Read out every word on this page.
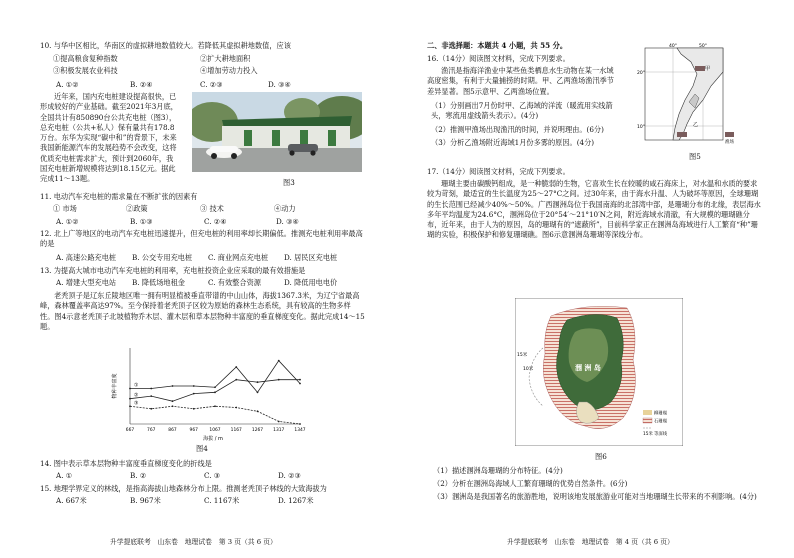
10. 与华中区相比，华南区的虚拟耕地数值较大。若降低其虚拟耕地数值，应该
①提高粮食复种指数	②扩大耕地面积
③积极发展农业科技	④增加劳动力投入
A. ①②	B. ②④	C. ②③	D. ③④
近年来，国内充电桩建设提高很快，已形成较好的产业基础。截至2021年3月底，全国共计有850890台公共充电桩（图3），总充电桩（公共+私人）保有量共有178.8万台。东华为实现“碳中和”的背景下，未来我国新能源汽车的发展趋势不会改变，这将优质充电桩需求扩大，预计到2060年，我国充电桩新增规模将达到18.15亿元。据此完成11～13题。	图3
11. 电动汽车充电桩的需求量在不断扩张的因素有
① 市场	②政策	③ 技术	④动力
A. ①②	B. ①③	C. ②④	D. ③④
12. 北上广等地区的电动汽车充电桩迅速提升，但充电桩的利用率却长期偏低。推测充电桩利用率最高的是
A. 高速公路充电桩 B. 公交专用充电桩 C. 商业网点充电桩 D. 居民区充电桩
13. 为提高大城市电动汽车充电桩的利用率，充电桩投资企业应采取的最有效措施是
A. 增建大型充电站 B. 降低场地租金	C. 有效整合资源	D. 降低用电电价
老秃顶子是辽东丘陵地区唯一拥有明显植被垂直带谱的中山山体，海拔1367.3米，为辽宁省最高峰，森林覆盖率高达97%。至今保持着老秃顶子区较为原始的森林生态系统，具有较高的生物多样性。图4示意老秃顶子北坡植物乔木层、灌木层和草本层物种丰富度的垂直梯度变化。据此完成14～15题。
①
②
③
667	767	867	967	1067 1167 1267 1317 1347
物种丰富度
海拔 / m
图4
14. 图中表示草本层物种丰富度垂直梯度变化的折线是
A. ①	B. ②	C. ③	D. ②③
15. 地理学界定义的林线，是指高海拔山地森林分布上限。推测老秃顶子林线的大致海拔为
A. 667米	B. 967米	C. 1167米	D. 1267米
升学提底联考　山东卷　地理试卷　第 3 页（共 6 页）
二、非选择题：本题共 4 小题，共 55 分。
16.（14分）阅读图文材料，完成下列要求。
渔汛是指海洋渔业中某些鱼类栖息水生动物在某一水域高度密集，有利于大量捕捞的时期。甲、乙两渔场渔汛季节差异显著。图5示意甲、乙两渔场位置。
（1）分别画出7月份时甲、乙海域的洋流（暖流用实线箭头，寒流用虚线箭头表示）。(4分)
（2）推测甲渔场出现渔汛的时间，并说明理由。(6分)
（3）分析乙渔场附近海域1月份多雾的原因。(4分)
甲
乙
40°	50°
20°
10°
渔场
图5
17.（14分）阅读图文材料，完成下列要求。
珊瑚主要由碳酸钙组成，是一种脆弱的生物，它喜欢生长在较暖的咸石海床上，对水温和水质的要求较为苛刻，最适宜的生长温度为25～27°C之间。过30年来，由于海水升温、人为破坏等原因，全球珊瑚的生长范围已经减少40%～50%。广西涠洲岛位于我国南海的北部湾中部，是珊瑚分布的北缘，表层海水多年平均温度为24.6°C，涠洲岛位于20°54′～21°10′N之间，附近海域水清澈，有大规模的珊瑚礁分布，近年来，由于人为的原因，岛的珊瑚有的“遮蔽所”，目前科学家正在涠洲岛海域进行人工繁育“种”珊瑚的实验，积极保护和修复珊瑚礁。图6示意涠洲岛珊瑚等深线分布。
涠 洲 岛
15米
10米
柳珊瑚
石珊瑚
15米 等深线
图6
（1）描述涠洲岛珊瑚的分布特征。(4分)
（2）分析在涠洲岛海域人工繁育珊瑚的优势自然条件。(6分)
（3）涠洲岛是我国著名的旅游胜地，说明该地发展旅游业可能对当地珊瑚生长带来的不利影响。(4分)
升学提底联考　山东卷　地理试卷　第 4 页（共 6 页）
